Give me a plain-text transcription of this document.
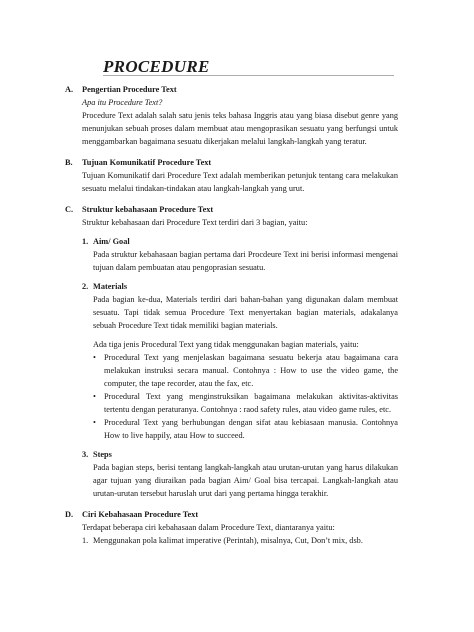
PROCEDURE
A. Pengertian Procedure Text
Apa itu Procedure Text?
Procedure Text adalah salah satu jenis teks bahasa Inggris atau yang biasa disebut genre yang menunjukan sebuah proses dalam membuat atau mengoprasikan sesuatu yang berfungsi untuk menggambarkan bagaimana sesuatu dikerjakan melalui langkah-langkah yang teratur.
B. Tujuan Komunikatif Procedure Text
Tujuan Komunikatif dari Procedure Text adalah memberikan petunjuk tentang cara melakukan sesuatu melalui tindakan-tindakan atau langkah-langkah yang urut.
C. Struktur kebahasaan Procedure Text
Struktur kebahasaan dari Procedure Text terdiri dari 3 bagian, yaitu:
1. Aim/ Goal
Pada struktur kebahasaan bagian pertama dari Procdeure Text ini berisi informasi mengenai tujuan dalam pembuatan atau pengoprasian sesuatu.
2. Materials
Pada bagian ke-dua, Materials terdiri dari bahan-bahan yang digunakan dalam membuat sesuatu. Tapi tidak semua Procedure Text menyertakan bagian materials, adakalanya sebuah Procedure Text tidak memiliki bagian materials.
Ada tiga jenis Procedural Text yang tidak menggunakan bagian materials, yaitu:
• Procedural Text yang menjelaskan bagaimana sesuatu bekerja atau bagaimana cara melakukan instruksi secara manual. Contohnya : How to use the video game, the computer, the tape recorder, atau the fax, etc.
• Procedural Text yang menginstruksikan bagaimana melakukan aktivitas-aktivitas tertentu dengan peraturanya. Contohnya : raod safety rules, atau video game rules, etc.
• Procedural Text yang berhubungan dengan sifat atau kebiasaan manusia. Contohnya How to live happily, atau How to succeed.
3. Steps
Pada bagian steps, berisi tentang langkah-langkah atau urutan-urutan yang harus dilakukan agar tujuan yang diuraikan pada bagian Aim/ Goal bisa tercapai. Langkah-langkah atau urutan-urutan tersebut haruslah urut dari yang pertama hingga terakhir.
D. Ciri Kebahasaan Procedure Text
Terdapat beberapa ciri kebahasaan dalam Procedure Text, diantaranya yaitu:
1. Menggunakan pola kalimat imperative (Perintah), misalnya, Cut, Don’t mix, dsb.
